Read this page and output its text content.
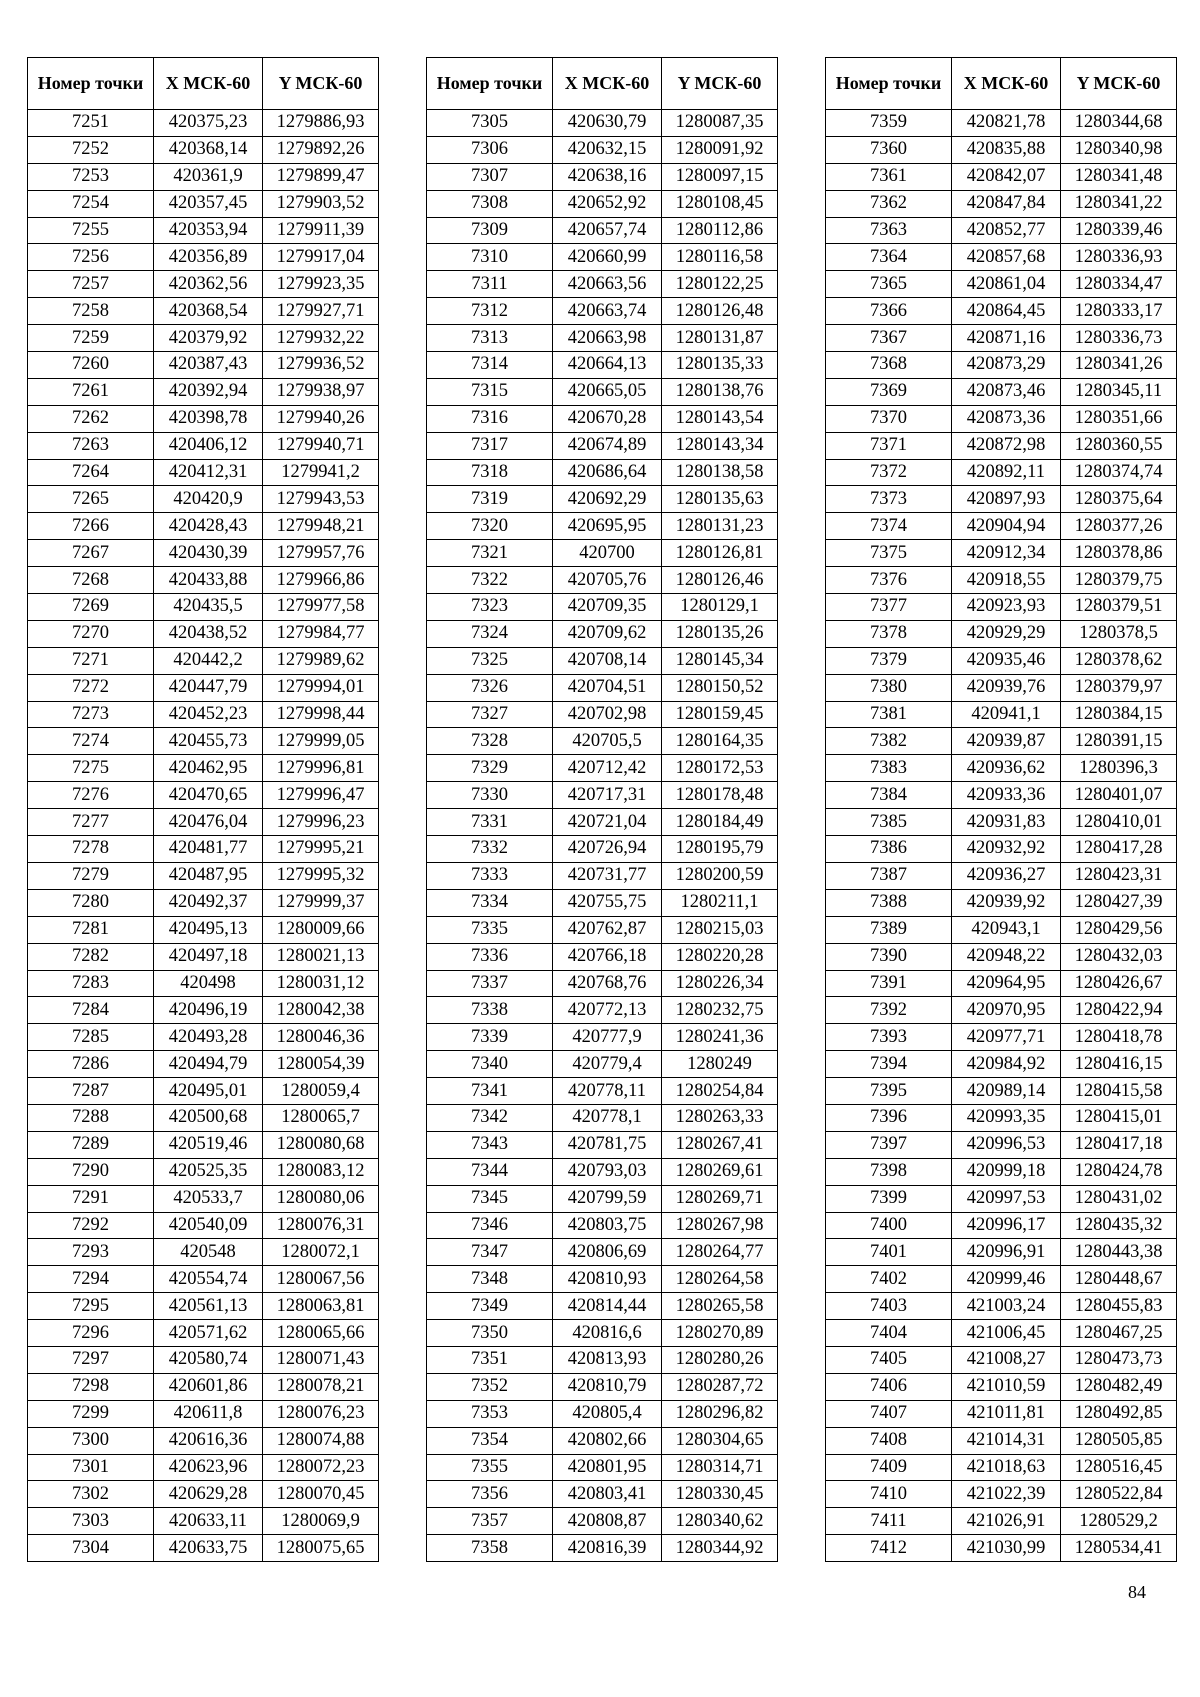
Номер точки	X МСК-60	Y МСК-60
7251	420375,23	1279886,93
7252	420368,14	1279892,26
7253	420361,9	1279899,47
7254	420357,45	1279903,52
7255	420353,94	1279911,39
7256	420356,89	1279917,04
7257	420362,56	1279923,35
7258	420368,54	1279927,71
7259	420379,92	1279932,22
7260	420387,43	1279936,52
7261	420392,94	1279938,97
7262	420398,78	1279940,26
7263	420406,12	1279940,71
7264	420412,31	1279941,2
7265	420420,9	1279943,53
7266	420428,43	1279948,21
7267	420430,39	1279957,76
7268	420433,88	1279966,86
7269	420435,5	1279977,58
7270	420438,52	1279984,77
7271	420442,2	1279989,62
7272	420447,79	1279994,01
7273	420452,23	1279998,44
7274	420455,73	1279999,05
7275	420462,95	1279996,81
7276	420470,65	1279996,47
7277	420476,04	1279996,23
7278	420481,77	1279995,21
7279	420487,95	1279995,32
7280	420492,37	1279999,37
7281	420495,13	1280009,66
7282	420497,18	1280021,13
7283	420498	1280031,12
7284	420496,19	1280042,38
7285	420493,28	1280046,36
7286	420494,79	1280054,39
7287	420495,01	1280059,4
7288	420500,68	1280065,7
7289	420519,46	1280080,68
7290	420525,35	1280083,12
7291	420533,7	1280080,06
7292	420540,09	1280076,31
7293	420548	1280072,1
7294	420554,74	1280067,56
7295	420561,13	1280063,81
7296	420571,62	1280065,66
7297	420580,74	1280071,43
7298	420601,86	1280078,21
7299	420611,8	1280076,23
7300	420616,36	1280074,88
7301	420623,96	1280072,23
7302	420629,28	1280070,45
7303	420633,11	1280069,9
7304	420633,75	1280075,65
Номер точки	X МСК-60	Y МСК-60
7305	420630,79	1280087,35
7306	420632,15	1280091,92
7307	420638,16	1280097,15
7308	420652,92	1280108,45
7309	420657,74	1280112,86
7310	420660,99	1280116,58
7311	420663,56	1280122,25
7312	420663,74	1280126,48
7313	420663,98	1280131,87
7314	420664,13	1280135,33
7315	420665,05	1280138,76
7316	420670,28	1280143,54
7317	420674,89	1280143,34
7318	420686,64	1280138,58
7319	420692,29	1280135,63
7320	420695,95	1280131,23
7321	420700	1280126,81
7322	420705,76	1280126,46
7323	420709,35	1280129,1
7324	420709,62	1280135,26
7325	420708,14	1280145,34
7326	420704,51	1280150,52
7327	420702,98	1280159,45
7328	420705,5	1280164,35
7329	420712,42	1280172,53
7330	420717,31	1280178,48
7331	420721,04	1280184,49
7332	420726,94	1280195,79
7333	420731,77	1280200,59
7334	420755,75	1280211,1
7335	420762,87	1280215,03
7336	420766,18	1280220,28
7337	420768,76	1280226,34
7338	420772,13	1280232,75
7339	420777,9	1280241,36
7340	420779,4	1280249
7341	420778,11	1280254,84
7342	420778,1	1280263,33
7343	420781,75	1280267,41
7344	420793,03	1280269,61
7345	420799,59	1280269,71
7346	420803,75	1280267,98
7347	420806,69	1280264,77
7348	420810,93	1280264,58
7349	420814,44	1280265,58
7350	420816,6	1280270,89
7351	420813,93	1280280,26
7352	420810,79	1280287,72
7353	420805,4	1280296,82
7354	420802,66	1280304,65
7355	420801,95	1280314,71
7356	420803,41	1280330,45
7357	420808,87	1280340,62
7358	420816,39	1280344,92
Номер точки	X МСК-60	Y МСК-60
7359	420821,78	1280344,68
7360	420835,88	1280340,98
7361	420842,07	1280341,48
7362	420847,84	1280341,22
7363	420852,77	1280339,46
7364	420857,68	1280336,93
7365	420861,04	1280334,47
7366	420864,45	1280333,17
7367	420871,16	1280336,73
7368	420873,29	1280341,26
7369	420873,46	1280345,11
7370	420873,36	1280351,66
7371	420872,98	1280360,55
7372	420892,11	1280374,74
7373	420897,93	1280375,64
7374	420904,94	1280377,26
7375	420912,34	1280378,86
7376	420918,55	1280379,75
7377	420923,93	1280379,51
7378	420929,29	1280378,5
7379	420935,46	1280378,62
7380	420939,76	1280379,97
7381	420941,1	1280384,15
7382	420939,87	1280391,15
7383	420936,62	1280396,3
7384	420933,36	1280401,07
7385	420931,83	1280410,01
7386	420932,92	1280417,28
7387	420936,27	1280423,31
7388	420939,92	1280427,39
7389	420943,1	1280429,56
7390	420948,22	1280432,03
7391	420964,95	1280426,67
7392	420970,95	1280422,94
7393	420977,71	1280418,78
7394	420984,92	1280416,15
7395	420989,14	1280415,58
7396	420993,35	1280415,01
7397	420996,53	1280417,18
7398	420999,18	1280424,78
7399	420997,53	1280431,02
7400	420996,17	1280435,32
7401	420996,91	1280443,38
7402	420999,46	1280448,67
7403	421003,24	1280455,83
7404	421006,45	1280467,25
7405	421008,27	1280473,73
7406	421010,59	1280482,49
7407	421011,81	1280492,85
7408	421014,31	1280505,85
7409	421018,63	1280516,45
7410	421022,39	1280522,84
7411	421026,91	1280529,2
7412	421030,99	1280534,41
84
